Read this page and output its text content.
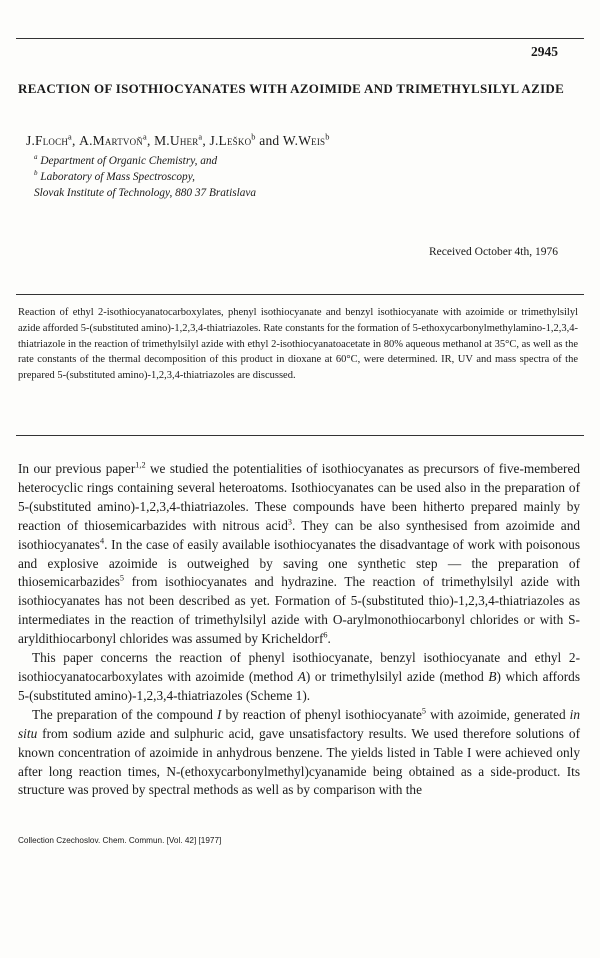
2945
REACTION OF ISOTHIOCYANATES WITH AZOIMIDE AND TRIMETHYLSILYL AZIDE
J.Floch$^a$, A.Martvoň$^a$, M.Uher$^a$, J.Leško$^b$ and W.Weis$^b$
$^a$ Department of Organic Chemistry, and
$^b$ Laboratory of Mass Spectroscopy,
Slovak Institute of Technology, 880 37 Bratislava
Received October 4th, 1976

Reaction of ethyl 2-isothiocyanatocarboxylates, phenyl isothiocyanate and benzyl isothiocyanate with azoimide or trimethylsilyl azide afforded 5-(substituted amino)-1,2,3,4-thiatriazoles. Rate constants for the formation of 5-ethoxycarbonylmethylamino-1,2,3,4-thiatriazole in the reaction of trimethylsilyl azide with ethyl 2-isothiocyanatoacetate in 80% aqueous methanol at 35°C, as well as the rate constants of the thermal decomposition of this product in dioxane at 60°C, were determined. IR, UV and mass spectra of the prepared 5-(substituted amino)-1,2,3,4-thiatriazoles are discussed.

In our previous paper$^{1,2}$ we studied the potentialities of isothiocyanates as precursors of five-membered heterocyclic rings containing several heteroatoms. Isothiocyanates can be used also in the preparation of 5-(substituted amino)-1,2,3,4-thiatriazoles. These compounds have been hitherto prepared mainly by reaction of thiosemicarbazides with nitrous acid$^3$. They can be also synthesised from azoimide and isothiocyanates$^4$. In the case of easily available isothiocyanates the disadvantage of work with poisonous and explosive azoimide is outweighed by saving one synthetic step — the preparation of thiosemicarbazides$^5$ from isothiocyanates and hydrazine. The reaction of trimethylsilyl azide with isothiocyanates has not been described as yet. Formation of 5-(substituted thio)-1,2,3,4-thiatriazoles as intermediates in the reaction of trimethylsilyl azide with O-arylmonothiocarbonyl chlorides or with S-aryldithiocarbonyl chlorides was assumed by Kricheldorf$^6$.

This paper concerns the reaction of phenyl isothiocyanate, benzyl isothiocyanate and ethyl 2-isothiocyanatocarboxylates with azoimide (method A) or trimethylsilyl azide (method B) which affords 5-(substituted amino)-1,2,3,4-thiatriazoles (Scheme 1).

The preparation of the compound I by reaction of phenyl isothiocyanate$^5$ with azoimide, generated in situ from sodium azide and sulphuric acid, gave unsatisfactory results. We used therefore solutions of known concentration of azoimide in anhydrous benzene. The yields listed in Table I were achieved only after long reaction times, N-(ethoxycarbonylmethyl)cyanamide being obtained as a side-product. Its structure was proved by spectral methods as well as by comparison with the

Collection Czechoslov. Chem. Commun. [Vol. 42] [1977]
